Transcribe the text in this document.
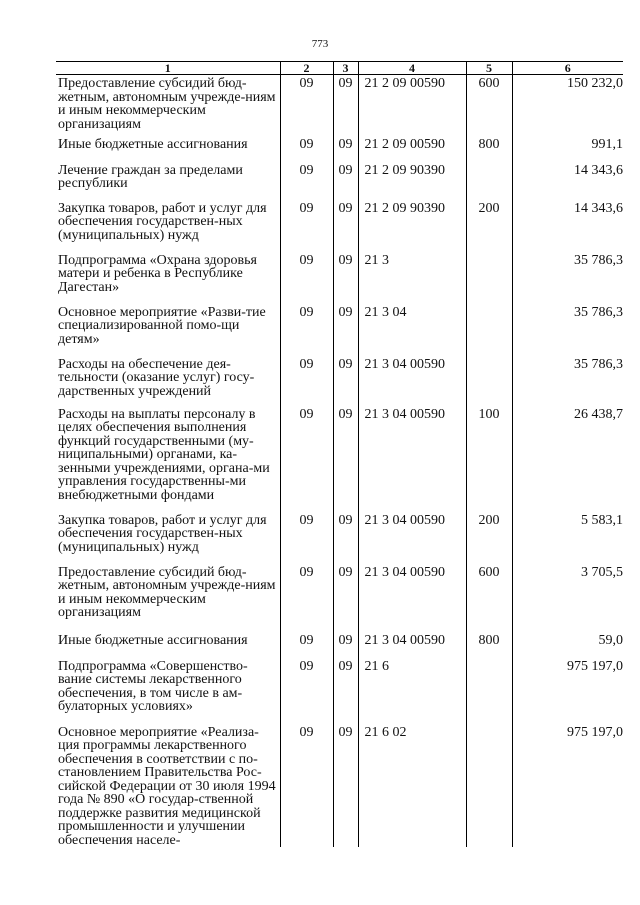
773
1	2	3	4	5	6
Предоставление субсидий бюд-жетным, автономным учрежде-ниям и иным некоммерческим организациям	09	09	21 2 09 00590	600	150 232,0
Иные бюджетные ассигнования	09	09	21 2 09 00590	800	991,1
Лечение граждан за пределами республики	09	09	21 2 09 90390		14 343,6
Закупка товаров, работ и услуг для обеспечения государствен-ных (муниципальных) нужд	09	09	21 2 09 90390	200	14 343,6
Подпрограмма «Охрана здоровья матери и ребенка в Республике Дагестан»	09	09	21 3		35 786,3
Основное мероприятие «Разви-тие специализированной помо-щи детям»	09	09	21 3 04		35 786,3
Расходы на обеспечение дея-тельности (оказание услуг) госу-дарственных учреждений	09	09	21 3 04 00590		35 786,3
Расходы на выплаты персоналу в целях обеспечения выполнения функций государственными (му-ниципальными) органами, ка-зенными учреждениями, органа-ми управления государственны-ми внебюджетными фондами	09	09	21 3 04 00590	100	26 438,7
Закупка товаров, работ и услуг для обеспечения государствен-ных (муниципальных) нужд	09	09	21 3 04 00590	200	5 583,1
Предоставление субсидий бюд-жетным, автономным учрежде-ниям и иным некоммерческим организациям	09	09	21 3 04 00590	600	3 705,5
Иные бюджетные ассигнования	09	09	21 3 04 00590	800	59,0
Подпрограмма «Совершенство-вание системы лекарственного обеспечения, в том числе в ам-булаторных условиях»	09	09	21 6		975 197,0
Основное мероприятие «Реализа-ция программы лекарственного обеспечения в соответствии с по-становлением Правительства Рос-сийской Федерации от 30 июля 1994 года № 890 «О государ-ственной поддержке развития медицинской промышленности и улучшении обеспечения населе-	09	09	21 6 02		975 197,0
